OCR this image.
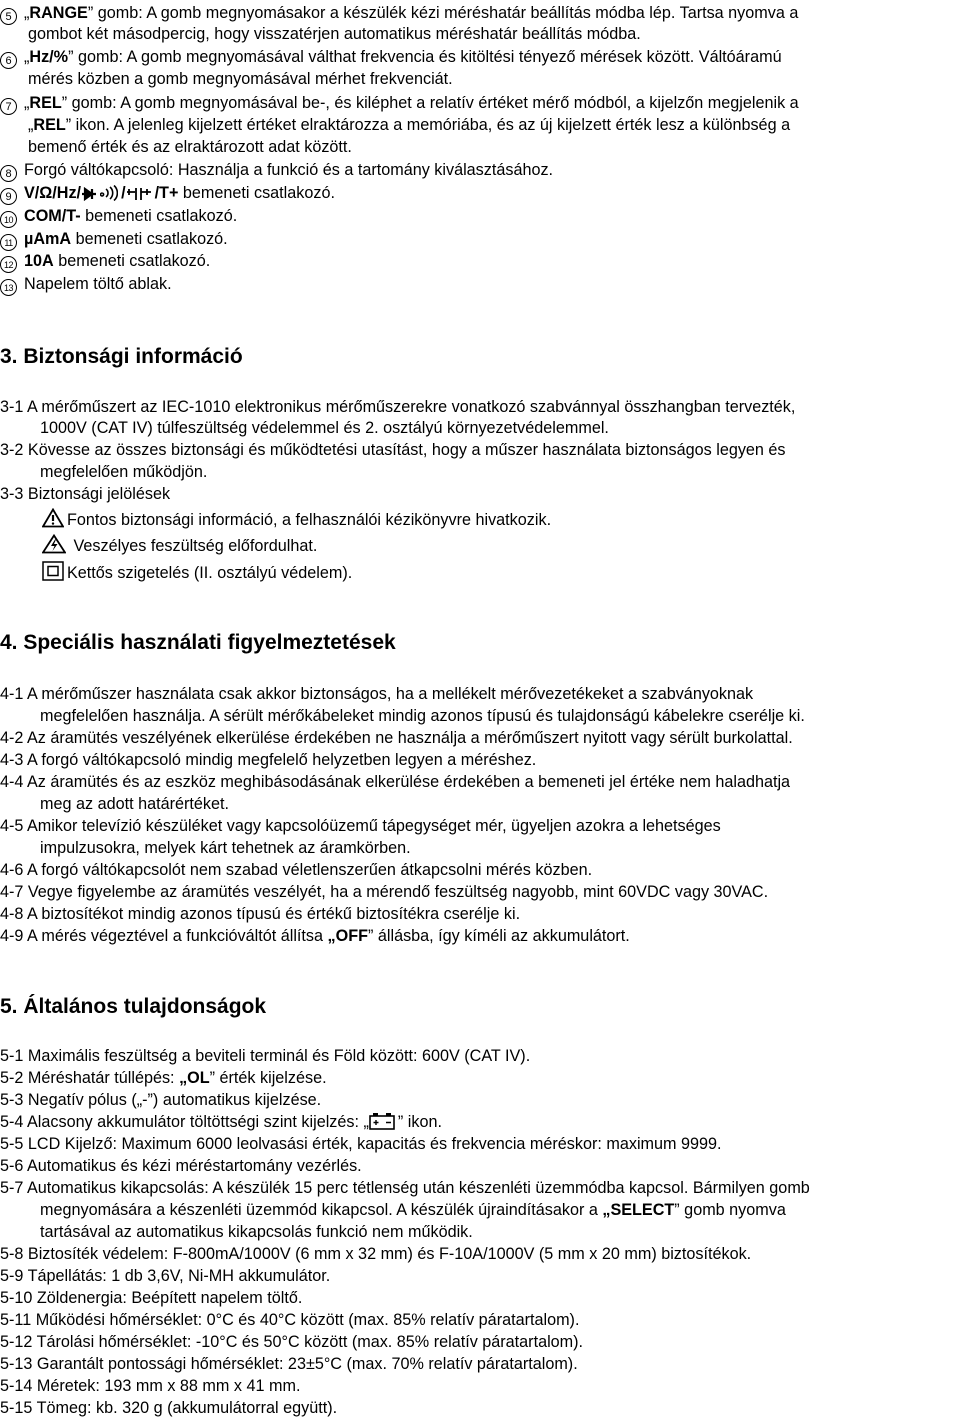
5 „RANGE” gomb: A gomb megnyomásakor a készülék kézi méréshatár beállítás módba lép. Tartsa nyomva a
gombot két másodpercig, hogy visszatérjen automatikus méréshatár beállítás módba.
6 „Hz/%” gomb: A gomb megnyomásával válthat frekvencia és kitöltési tényező mérések között. Váltóáramú
mérés közben a gomb megnyomásával mérhet frekvenciát.
7 „REL” gomb: A gomb megnyomásával be-, és kiléphet a relatív értéket mérő módból, a kijelzőn megjelenik a
„REL” ikon. A jelenleg kijelzett értéket elraktározza a memóriába, és az új kijelzett érték lesz a különbség a
bemenő érték és az elraktározott adat között.
8 Forgó váltókapcsoló: Használja a funkció és a tartomány kiválasztásához.
9 V/Ω/Hz/ / /T+ bemeneti csatlakozó.
10 COM/T- bemeneti csatlakozó.
11 µAmA bemeneti csatlakozó.
12 10A bemeneti csatlakozó.
13 Napelem töltő ablak.
3. Biztonsági információ
3-1 A mérőműszert az IEC-1010 elektronikus mérőműszerekre vonatkozó szabvánnyal összhangban tervezték,
1000V (CAT IV) túlfeszültség védelemmel és 2. osztályú környezetvédelemmel.
3-2 Kövesse az összes biztonsági és működtetési utasítást, hogy a műszer használata biztonságos legyen és
megfelelően működjön.
3-3 Biztonsági jelölések
Fontos biztonsági információ, a felhasználói kézikönyvre hivatkozik.
Veszélyes feszültség előfordulhat.
Kettős szigetelés (II. osztályú védelem).
4. Speciális használati figyelmeztetések
4-1 A mérőműszer használata csak akkor biztonságos, ha a mellékelt mérővezetékeket a szabványoknak
megfelelően használja. A sérült mérőkábeleket mindig azonos típusú és tulajdonságú kábelekre cserélje ki.
4-2 Az áramütés veszélyének elkerülése érdekében ne használja a mérőműszert nyitott vagy sérült burkolattal.
4-3 A forgó váltókapcsoló mindig megfelelő helyzetben legyen a méréshez.
4-4 Az áramütés és az eszköz meghibásodásának elkerülése érdekében a bemeneti jel értéke nem haladhatja
meg az adott határértéket.
4-5 Amikor televízió készüléket vagy kapcsolóüzemű tápegységet mér, ügyeljen azokra a lehetséges
impulzusokra, melyek kárt tehetnek az áramkörben.
4-6 A forgó váltókapcsolót nem szabad véletlenszerűen átkapcsolni mérés közben.
4-7 Vegye figyelembe az áramütés veszélyét, ha a mérendő feszültség nagyobb, mint 60VDC vagy 30VAC.
4-8 A biztosítékot mindig azonos típusú és értékű biztosítékra cserélje ki.
4-9 A mérés végeztével a funkcióváltót állítsa „OFF” állásba, így kíméli az akkumulátort.
5. Általános tulajdonságok
5-1 Maximális feszültség a beviteli terminál és Föld között: 600V (CAT IV).
5-2 Méréshatár túllépés: „OL” érték kijelzése.
5-3 Negatív pólus („-”) automatikus kijelzése.
5-4 Alacsony akkumulátor töltöttségi szint kijelzés: „ ” ikon.
5-5 LCD Kijelző: Maximum 6000 leolvasási érték, kapacitás és frekvencia méréskor: maximum 9999.
5-6 Automatikus és kézi méréstartomány vezérlés.
5-7 Automatikus kikapcsolás: A készülék 15 perc tétlenség után készenléti üzemmódba kapcsol. Bármilyen gomb
megnyomására a készenléti üzemmód kikapcsol. A készülék újraindításakor a „SELECT” gomb nyomva
tartásával az automatikus kikapcsolás funkció nem működik.
5-8 Biztosíték védelem: F-800mA/1000V (6 mm x 32 mm) és F-10A/1000V (5 mm x 20 mm) biztosítékok.
5-9 Tápellátás: 1 db 3,6V, Ni-MH akkumulátor.
5-10 Zöldenergia: Beépített napelem töltő.
5-11 Működési hőmérséklet: 0°C és 40°C között (max. 85% relatív páratartalom).
5-12 Tárolási hőmérséklet: -10°C és 50°C között (max. 85% relatív páratartalom).
5-13 Garantált pontossági hőmérséklet: 23±5°C (max. 70% relatív páratartalom).
5-14 Méretek: 193 mm x 88 mm x 41 mm.
5-15 Tömeg: kb. 320 g (akkumulátorral együtt).
